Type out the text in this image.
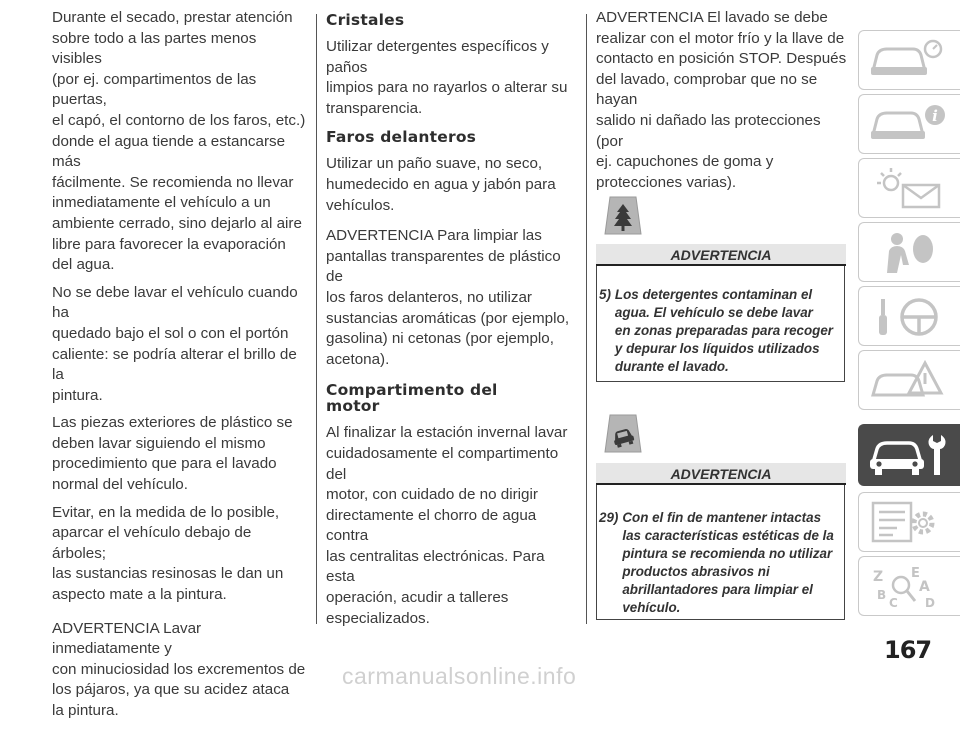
Durante el secado, prestar atención
sobre todo a las partes menos visibles
(por ej. compartimentos de las puertas,
el capó, el contorno de los faros, etc.)
donde el agua tiende a estancarse más
fácilmente. Se recomienda no llevar
inmediatamente el vehículo a un
ambiente cerrado, sino dejarlo al aire
libre para favorecer la evaporación
del agua.

No se debe lavar el vehículo cuando ha
quedado bajo el sol o con el portón
caliente: se podría alterar el brillo de la
pintura.

Las piezas exteriores de plástico se
deben lavar siguiendo el mismo
procedimiento que para el lavado
normal del vehículo.

Evitar, en la medida de lo posible,
aparcar el vehículo debajo de árboles;
las sustancias resinosas le dan un
aspecto mate a la pintura.

ADVERTENCIA Lavar inmediatamente y
con minuciosidad los excrementos de
los pájaros, ya que su acidez ataca
la pintura.

Cristales

Utilizar detergentes específicos y paños
limpios para no rayarlos o alterar su
transparencia.

Faros delanteros

Utilizar un paño suave, no seco,
humedecido en agua y jabón para
vehículos.

ADVERTENCIA Para limpiar las
pantallas transparentes de plástico de
los faros delanteros, no utilizar
sustancias aromáticas (por ejemplo,
gasolina) ni cetonas (por ejemplo,
acetona).

Compartimento del
motor

Al finalizar la estación invernal lavar
cuidadosamente el compartimento del
motor, con cuidado de no dirigir
directamente el chorro de agua contra
las centralitas electrónicas. Para esta
operación, acudir a talleres
especializados.

ADVERTENCIA El lavado se debe
realizar con el motor frío y la llave de
contacto en posición STOP. Después
del lavado, comprobar que no se hayan
salido ni dañado las protecciones (por
ej. capuchones de goma y
protecciones varias).

ADVERTENCIA
5) Los detergentes contaminan el
agua. El vehículo se debe lavar
en zonas preparadas para recoger
y depurar los líquidos utilizados
durante el lavado.
ADVERTENCIA
29) Con el fin de mantener intactas
las características estéticas de la
pintura se recomienda no utilizar
productos abrasivos ni
abrillantadores para limpiar el
vehículo.
i
Z E
B A
C D
167
carmanualsonline.info
